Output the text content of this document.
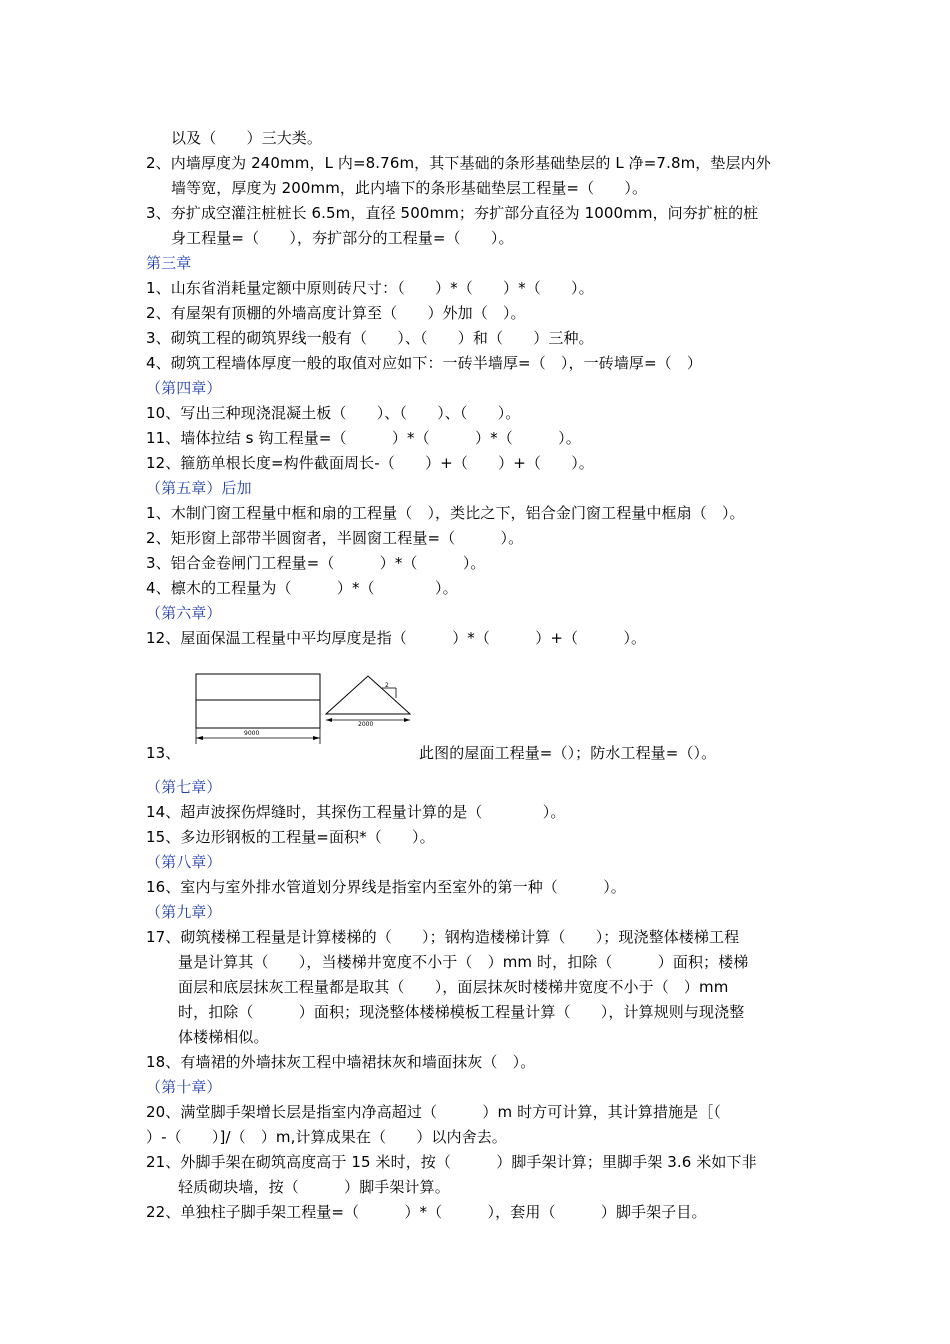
以及（　　）三大类。
2、内墙厚度为 240mm，L 内=8.76m，其下基础的条形基础垫层的 L 净=7.8m，垫层内外
墙等宽，厚度为 200mm，此内墙下的条形基础垫层工程量=（　　）。
3、夯扩成空灌注桩桩长 6.5m，直径 500mm；夯扩部分直径为 1000mm，问夯扩桩的桩
身工程量=（　　），夯扩部分的工程量=（　　）。
第三章
1、山东省消耗量定额中原则砖尺寸：（　　）*（　　）*（　　）。
2、有屋架有顶棚的外墙高度计算至（　　）外加（　）。
3、砌筑工程的砌筑界线一般有（　　）、（　　）和（　　）三种。
4、砌筑工程墙体厚度一般的取值对应如下：一砖半墙厚=（　），一砖墙厚=（　）
（第四章）
10、写出三种现浇混凝土板（　　）、（　　）、（　　）。
11、墙体拉结 s 钩工程量=（　　　）*（　　　）*（　　　）。
12、箍筋单根长度=构件截面周长-（　　）+（　　）+（　　）。
（第五章）后加
1、木制门窗工程量中框和扇的工程量（　），类比之下，铝合金门窗工程量中框扇（　）。
2、矩形窗上部带半圆窗者，半圆窗工程量=（　　　）。
3、铝合金卷闸门工程量=（　　　）*（　　　）。
4、檩木的工程量为（　　　）*（　　　　）。
（第六章）
12、屋面保温工程量中平均厚度是指（　　　）*（　　　）+（　　　）。
13、	此图的屋面工程量=（）；防水工程量=（）。
（第七章）
14、超声波探伤焊缝时，其探伤工程量计算的是（　　　　）。
15、多边形钢板的工程量=面积*（　　）。
（第八章）
16、室内与室外排水管道划分界线是指室内至室外的第一种（　　　）。
（第九章）
17、砌筑楼梯工程量是计算楼梯的（　　）；钢构造楼梯计算（　　）；现浇整体楼梯工程
量是计算其（　　），当楼梯井宽度不小于（　）mm 时，扣除（　　　）面积；楼梯
面层和底层抹灰工程量都是取其（　　），面层抹灰时楼梯井宽度不小于（　）mm
时，扣除（　　　）面积；现浇整体楼梯模板工程量计算（　　），计算规则与现浇整
体楼梯相似。
18、有墙裙的外墙抹灰工程中墙裙抹灰和墙面抹灰（　）。
（第十章）
20、满堂脚手架增长层是指室内净高超过（　　　）m 时方可计算，其计算措施是［（
）-（　　）]/（　）m,计算成果在（　　）以内舍去。
21、外脚手架在砌筑高度高于 15 米时，按（　　　）脚手架计算；里脚手架 3.6 米如下非
轻质砌块墙，按（　　　）脚手架计算。
22、单独柱子脚手架工程量=（　　　）*（　　　），套用（　　　）脚手架子目。
9000
2
2000
